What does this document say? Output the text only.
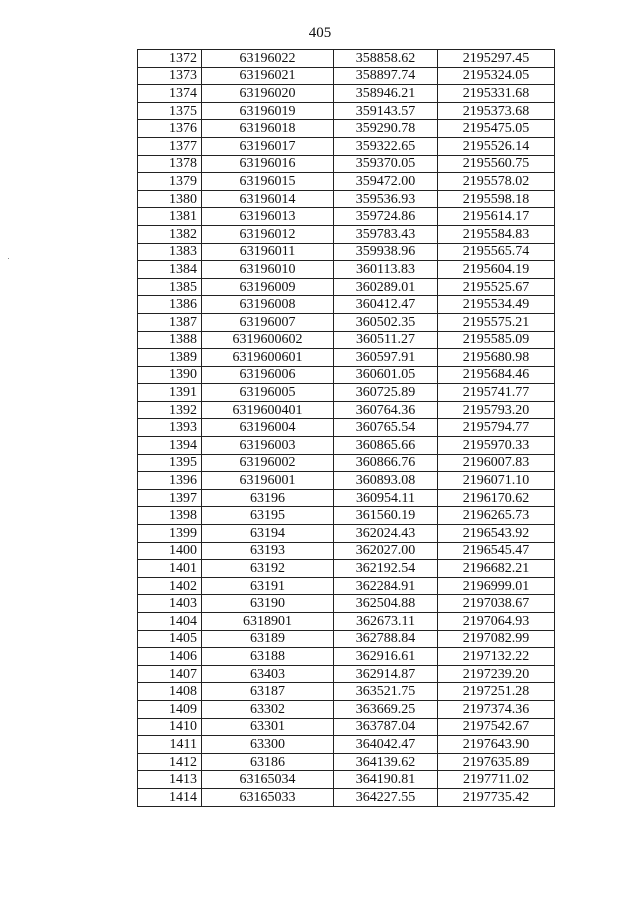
405
1372	63196022	358858.62	2195297.45
1373	63196021	358897.74	2195324.05
1374	63196020	358946.21	2195331.68
1375	63196019	359143.57	2195373.68
1376	63196018	359290.78	2195475.05
1377	63196017	359322.65	2195526.14
1378	63196016	359370.05	2195560.75
1379	63196015	359472.00	2195578.02
1380	63196014	359536.93	2195598.18
1381	63196013	359724.86	2195614.17
1382	63196012	359783.43	2195584.83
1383	63196011	359938.96	2195565.74
1384	63196010	360113.83	2195604.19
1385	63196009	360289.01	2195525.67
1386	63196008	360412.47	2195534.49
1387	63196007	360502.35	2195575.21
1388	6319600602	360511.27	2195585.09
1389	6319600601	360597.91	2195680.98
1390	63196006	360601.05	2195684.46
1391	63196005	360725.89	2195741.77
1392	6319600401	360764.36	2195793.20
1393	63196004	360765.54	2195794.77
1394	63196003	360865.66	2195970.33
1395	63196002	360866.76	2196007.83
1396	63196001	360893.08	2196071.10
1397	63196	360954.11	2196170.62
1398	63195	361560.19	2196265.73
1399	63194	362024.43	2196543.92
1400	63193	362027.00	2196545.47
1401	63192	362192.54	2196682.21
1402	63191	362284.91	2196999.01
1403	63190	362504.88	2197038.67
1404	6318901	362673.11	2197064.93
1405	63189	362788.84	2197082.99
1406	63188	362916.61	2197132.22
1407	63403	362914.87	2197239.20
1408	63187	363521.75	2197251.28
1409	63302	363669.25	2197374.36
1410	63301	363787.04	2197542.67
1411	63300	364042.47	2197643.90
1412	63186	364139.62	2197635.89
1413	63165034	364190.81	2197711.02
1414	63165033	364227.55	2197735.42
